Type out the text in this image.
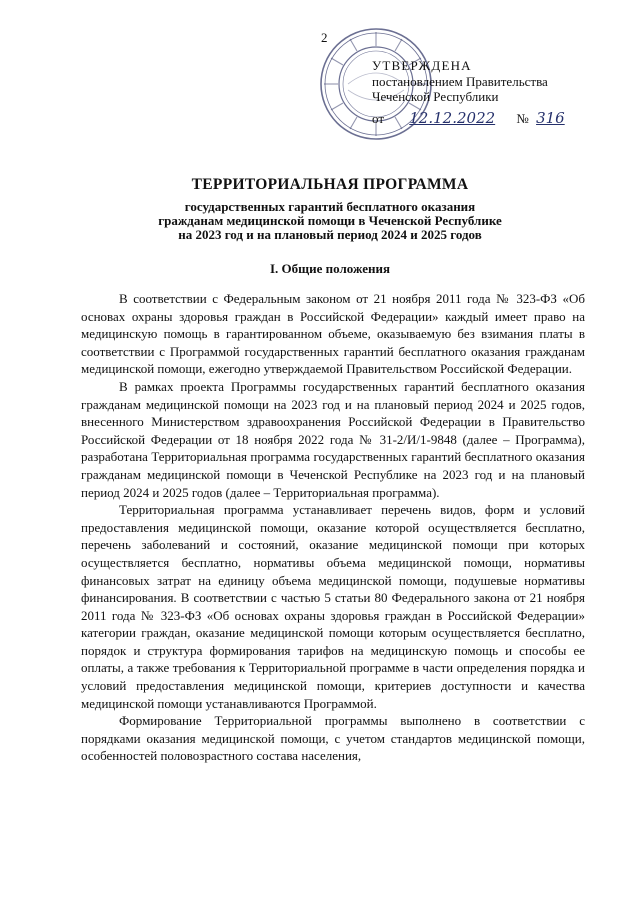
2
УТВЕРЖДЕНА
постановлением Правительства
Чеченской Республики
от 12.12.2022 № 316
ТЕРРИТОРИАЛЬНАЯ ПРОГРАММА
государственных гарантий бесплатного оказания
гражданам медицинской помощи в Чеченской Республике
на 2023 год и на плановый период 2024 и 2025 годов
I. Общие положения

В соответствии с Федеральным законом от 21 ноября 2011 года № 323-ФЗ «Об основах охраны здоровья граждан в Российской Федерации» каждый имеет право на медицинскую помощь в гарантированном объеме, оказываемую без взимания платы в соответствии с Программой государственных гарантий бесплатного оказания гражданам медицинской помощи, ежегодно утверждаемой Правительством Российской Федерации.

В рамках проекта Программы государственных гарантий бесплатного оказания гражданам медицинской помощи на 2023 год и на плановый период 2024 и 2025 годов, внесенного Министерством здравоохранения Российской Федерации в Правительство Российской Федерации от 18 ноября 2022 года № 31-2/И/1-9848 (далее – Программа), разработана Территориальная программа государственных гарантий бесплатного оказания гражданам медицинской помощи в Чеченской Республике на 2023 год и на плановый период 2024 и 2025 годов (далее – Территориальная программа).

Территориальная программа устанавливает перечень видов, форм и условий предоставления медицинской помощи, оказание которой осуществляется бесплатно, перечень заболеваний и состояний, оказание медицинской помощи при которых осуществляется бесплатно, нормативы объема медицинской помощи, нормативы финансовых затрат на единицу объема медицинской помощи, подушевые нормативы финансирования. В соответствии с частью 5 статьи 80 Федерального закона от 21 ноября 2011 года № 323-ФЗ «Об основах охраны здоровья граждан в Российской Федерации» категории граждан, оказание медицинской помощи которым осуществляется бесплатно, порядок и структура формирования тарифов на медицинскую помощь и способы ее оплаты, а также требования к Территориальной программе в части определения порядка и условий предоставления медицинской помощи, критериев доступности и качества медицинской помощи устанавливаются Программой.

Формирование Территориальной программы выполнено в соответствии с порядками оказания медицинской помощи, с учетом стандартов медицинской помощи, особенностей половозрастного состава населения,
